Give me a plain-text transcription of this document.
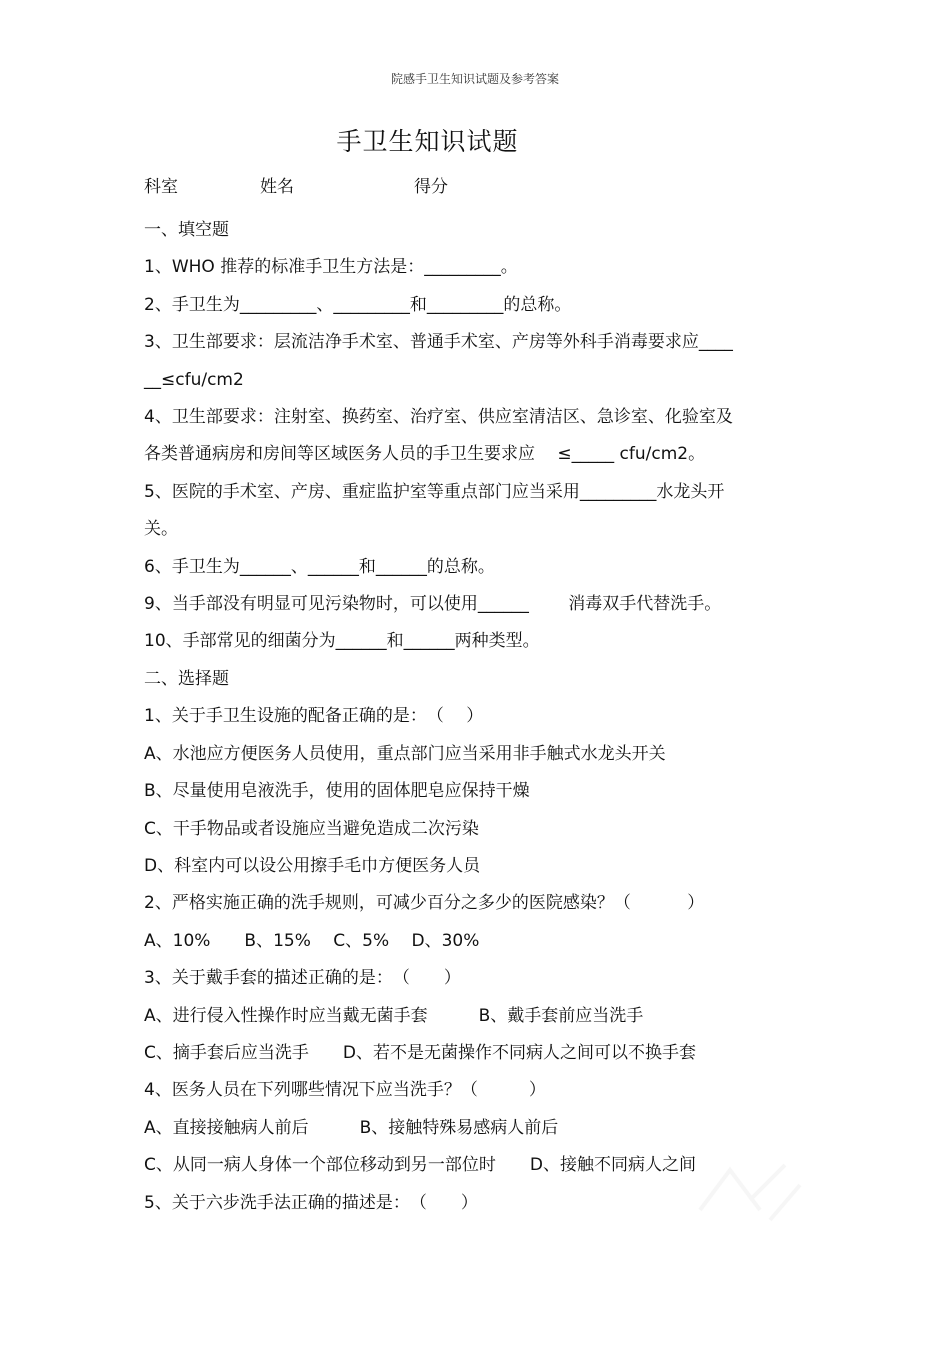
院感手卫生知识试题及参考答案
手卫生知识试题
科室	姓名	得分
一、填空题
1、WHO 推荐的标准手卫生方法是：_________。
2、手卫生为_________、_________和_________的总称。
3、卫生部要求：层流洁净手术室、普通手术室、产房等外科手消毒要求应____
__≤cfu/cm2
4、卫生部要求：注射室、换药室、治疗室、供应室清洁区、急诊室、化验室及
各类普通病房和房间等区域医务人员的手卫生要求应　 ≤_____ cfu/cm2。
5、医院的手术室、产房、重症监护室等重点部门应当采用_________水龙头开
关。
6、手卫生为______、______和______的总称。
9、当手部没有明显可见污染物时，可以使用______　　 消毒双手代替洗手。
10、手部常见的细菌分为______和______两种类型。
二、选择题
1、关于手卫生设施的配备正确的是：　（　 ）
A、水池应方便医务人员使用，重点部门应当采用非手触式水龙头开关
B、尽量使用皂液洗手，使用的固体肥皂应保持干燥
C、干手物品或者设施应当避免造成二次污染
D、科室内可以设公用擦手毛巾方便医务人员
2、严格实施正确的洗手规则，可减少百分之多少的医院感染？（　　　 ）
A、10%　　B、15%　 C、5%　 D、30%
3、关于戴手套的描述正确的是：　（　　）
A、进行侵入性操作时应当戴无菌手套　　　B、戴手套前应当洗手
C、摘手套后应当洗手　　D、若不是无菌操作不同病人之间可以不换手套
4、医务人员在下列哪些情况下应当洗手？（　　　）
A、直接接触病人前后　　　B、接触特殊易感病人前后
C、从同一病人身体一个部位移动到另一部位时　　D、接触不同病人之间
5、关于六步洗手法正确的描述是：　（　　）
